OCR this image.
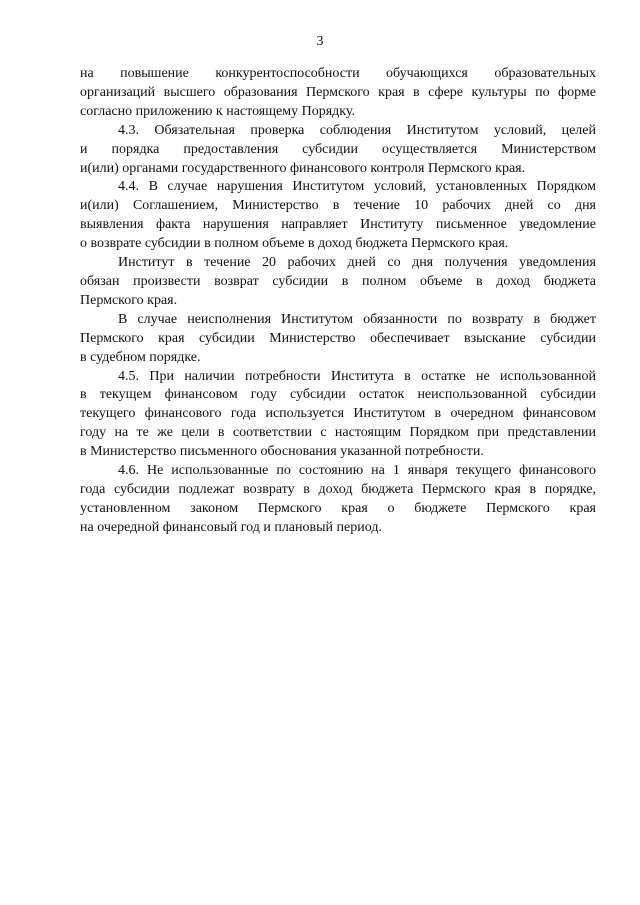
3

на повышение конкурентоспособности обучающихся образовательных
организаций высшего образования Пермского края в сфере культуры по форме
согласно приложению к настоящему Порядку.

4.3. Обязательная проверка соблюдения Институтом условий, целей
и порядка предоставления субсидии осуществляется Министерством
и(или) органами государственного финансового контроля Пермского края.

4.4. В случае нарушения Институтом условий, установленных Порядком
и(или) Соглашением, Министерство в течение 10 рабочих дней со дня
выявления факта нарушения направляет Институту письменное уведомление
о возврате субсидии в полном объеме в доход бюджета Пермского края.

Институт в течение 20 рабочих дней со дня получения уведомления
обязан произвести возврат субсидии в полном объеме в доход бюджета
Пермского края.

В случае неисполнения Институтом обязанности по возврату в бюджет
Пермского края субсидии Министерство обеспечивает взыскание субсидии
в судебном порядке.

4.5. При наличии потребности Института в остатке не использованной
в текущем финансовом году субсидии остаток неиспользованной субсидии
текущего финансового года используется Институтом в очередном финансовом
году на те же цели в соответствии с настоящим Порядком при представлении
в Министерство письменного обоснования указанной потребности.

4.6. Не использованные по состоянию на 1 января текущего финансового
года субсидии подлежат возврату в доход бюджета Пермского края в порядке,
установленном законом Пермского края о бюджете Пермского края
на очередной финансовый год и плановый период.
